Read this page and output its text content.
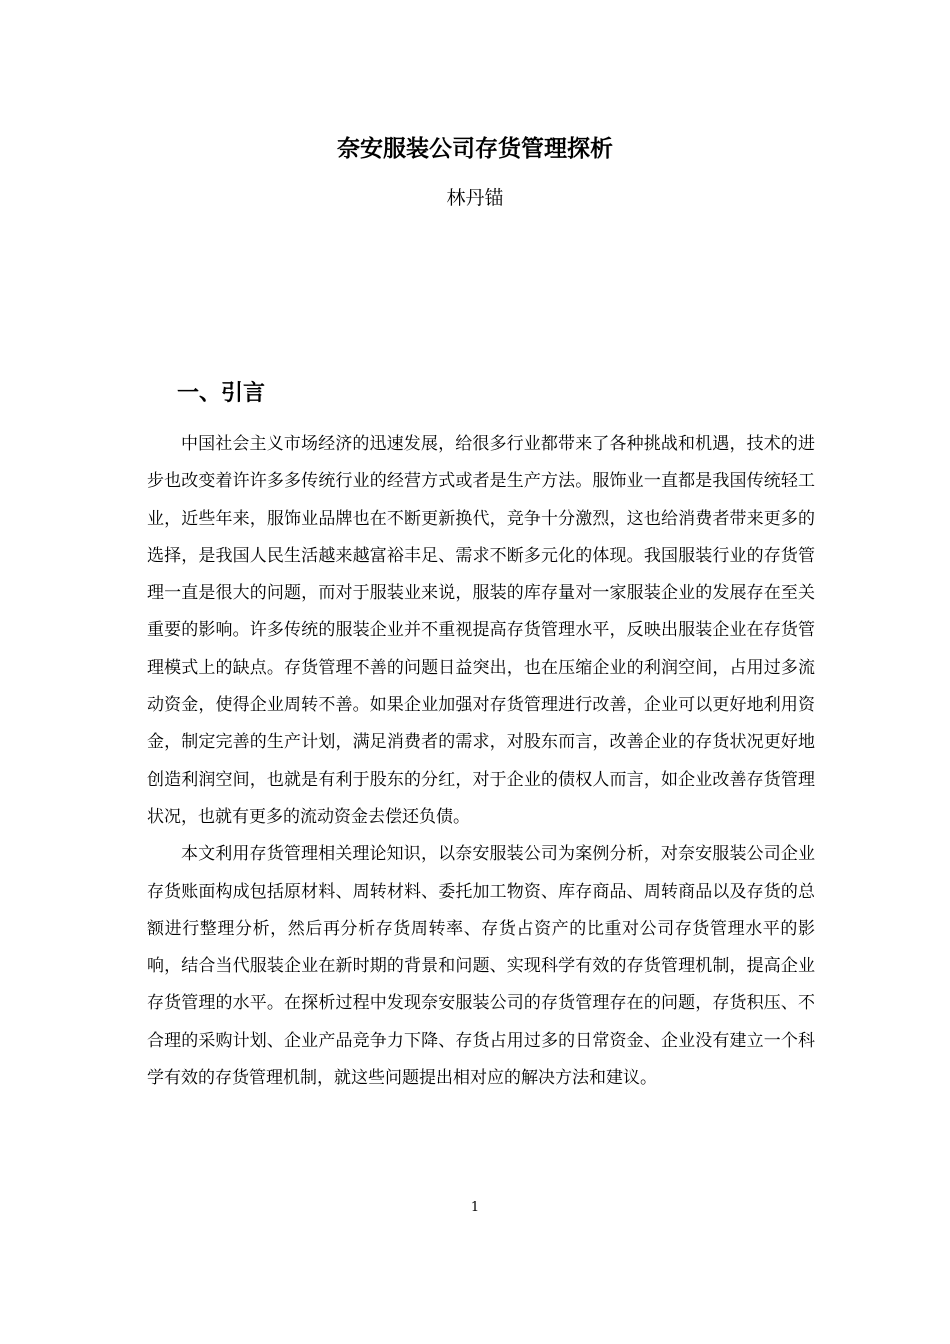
奈安服装公司存货管理探析
林丹锚
一、引言

中国社会主义市场经济的迅速发展，给很多行业都带来了各种挑战和机遇，技术的进步也改变着许许多多传统行业的经营方式或者是生产方法。服饰业一直都是我国传统轻工业，近些年来，服饰业品牌也在不断更新换代，竞争十分激烈，这也给消费者带来更多的选择，是我国人民生活越来越富裕丰足、需求不断多元化的体现。我国服装行业的存货管理一直是很大的问题，而对于服装业来说，服装的库存量对一家服装企业的发展存在至关重要的影响。许多传统的服装企业并不重视提高存货管理水平，反映出服装企业在存货管理模式上的缺点。存货管理不善的问题日益突出，也在压缩企业的利润空间，占用过多流动资金，使得企业周转不善。如果企业加强对存货管理进行改善，企业可以更好地利用资金，制定完善的生产计划，满足消费者的需求，对股东而言，改善企业的存货状况更好地创造利润空间，也就是有利于股东的分红，对于企业的债权人而言，如企业改善存货管理状况，也就有更多的流动资金去偿还负债。

本文利用存货管理相关理论知识，以奈安服装公司为案例分析，对奈安服装公司企业存货账面构成包括原材料、周转材料、委托加工物资、库存商品、周转商品以及存货的总额进行整理分析，然后再分析存货周转率、存货占资产的比重对公司存货管理水平的影响，结合当代服装企业在新时期的背景和问题、实现科学有效的存货管理机制，提高企业存货管理的水平。在探析过程中发现奈安服装公司的存货管理存在的问题，存货积压、不合理的采购计划、企业产品竞争力下降、存货占用过多的日常资金、企业没有建立一个科学有效的存货管理机制，就这些问题提出相对应的解决方法和建议。

1
